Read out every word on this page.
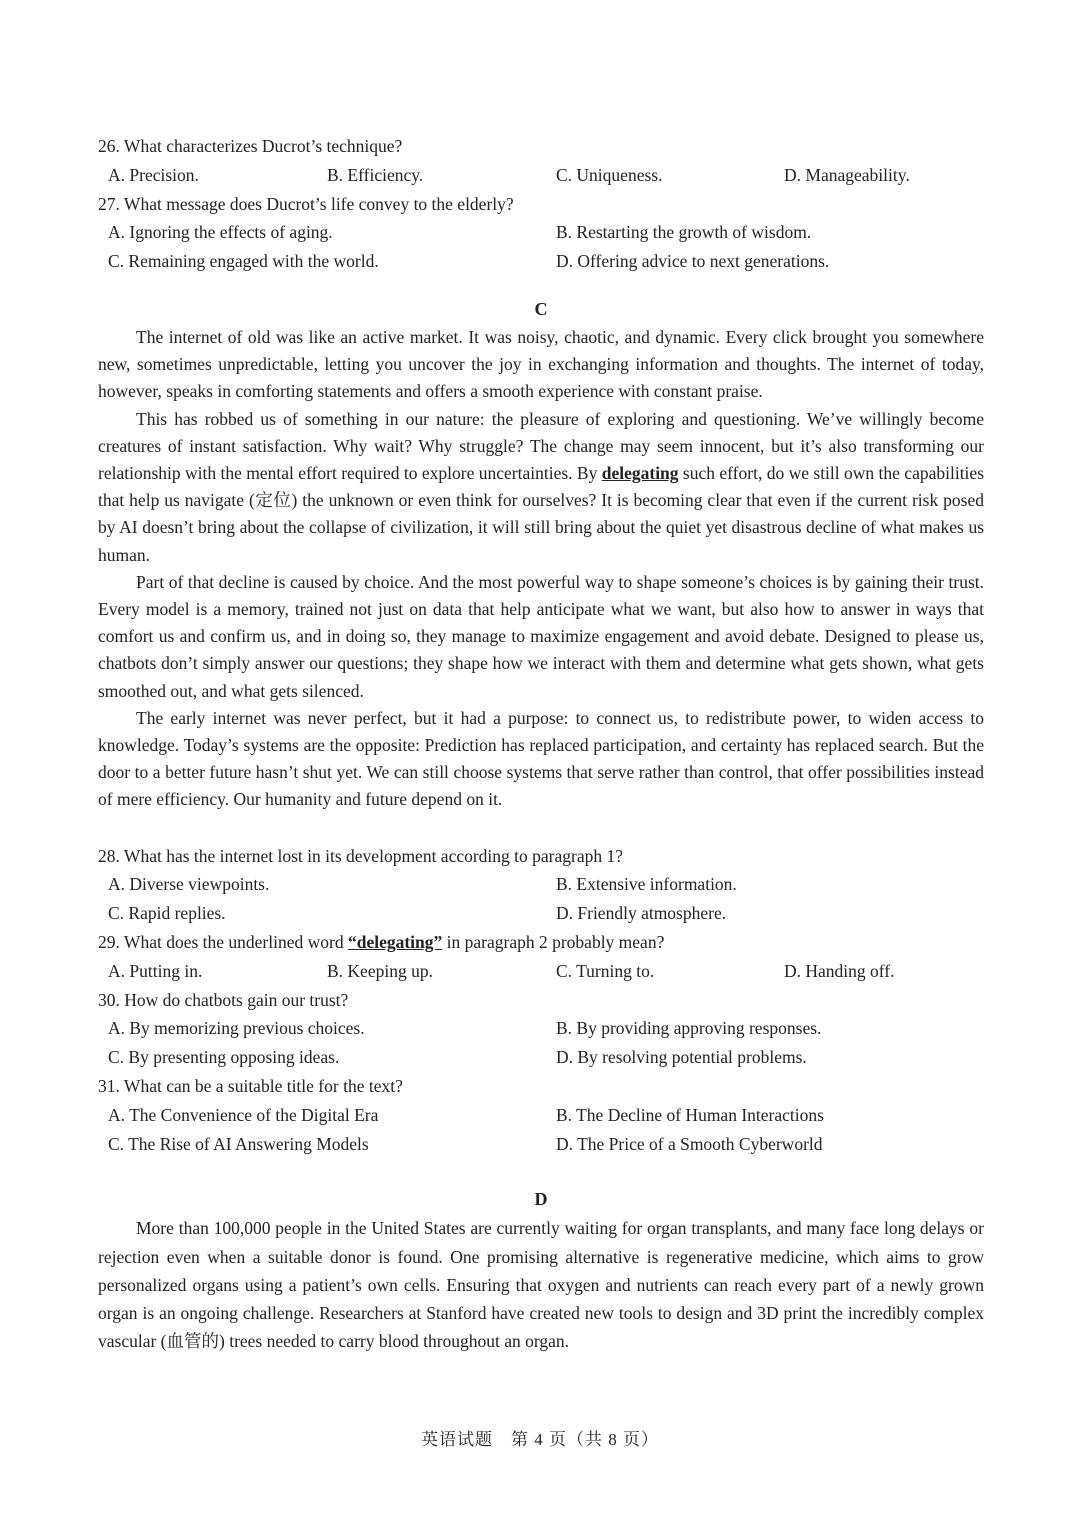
26. What characterizes Ducrot’s technique?
A. Precision.	B. Efficiency.	C. Uniqueness.	D. Manageability.
27. What message does Ducrot’s life convey to the elderly?
A. Ignoring the effects of aging.	B. Restarting the growth of wisdom.
C. Remaining engaged with the world.	D. Offering advice to next generations.
C

The internet of old was like an active market. It was noisy, chaotic, and dynamic. Every click brought you somewhere new, sometimes unpredictable, letting you uncover the joy in exchanging information and thoughts. The internet of today, however, speaks in comforting statements and offers a smooth experience with constant praise.

This has robbed us of something in our nature: the pleasure of exploring and questioning. We’ve willingly become creatures of instant satisfaction. Why wait? Why struggle? The change may seem innocent, but it’s also transforming our relationship with the mental effort required to explore uncertainties. By delegating such effort, do we still own the capabilities that help us navigate (定位) the unknown or even think for ourselves? It is becoming clear that even if the current risk posed by AI doesn’t bring about the collapse of civilization, it will still bring about the quiet yet disastrous decline of what makes us human.

Part of that decline is caused by choice. And the most powerful way to shape someone’s choices is by gaining their trust. Every model is a memory, trained not just on data that help anticipate what we want, but also how to answer in ways that comfort us and confirm us, and in doing so, they manage to maximize engagement and avoid debate. Designed to please us, chatbots don’t simply answer our questions; they shape how we interact with them and determine what gets shown, what gets smoothed out, and what gets silenced.

The early internet was never perfect, but it had a purpose: to connect us, to redistribute power, to widen access to knowledge. Today’s systems are the opposite: Prediction has replaced participation, and certainty has replaced search. But the door to a better future hasn’t shut yet. We can still choose systems that serve rather than control, that offer possibilities instead of mere efficiency. Our humanity and future depend on it.

28. What has the internet lost in its development according to paragraph 1?
A. Diverse viewpoints.	B. Extensive information.
C. Rapid replies.	D. Friendly atmosphere.
29. What does the underlined word “delegating” in paragraph 2 probably mean?
A. Putting in.	B. Keeping up.	C. Turning to.	D. Handing off.
30. How do chatbots gain our trust?
A. By memorizing previous choices.	B. By providing approving responses.
C. By presenting opposing ideas.	D. By resolving potential problems.
31. What can be a suitable title for the text?
A. The Convenience of the Digital Era	B. The Decline of Human Interactions
C. The Rise of AI Answering Models	D. The Price of a Smooth Cyberworld
D

More than 100,000 people in the United States are currently waiting for organ transplants, and many face long delays or rejection even when a suitable donor is found. One promising alternative is regenerative medicine, which aims to grow personalized organs using a patient’s own cells. Ensuring that oxygen and nutrients can reach every part of a newly grown organ is an ongoing challenge. Researchers at Stanford have created new tools to design and 3D print the incredibly complex vascular (血管的) trees needed to carry blood throughout an organ.

英语试题　第 4 页（共 8 页）
